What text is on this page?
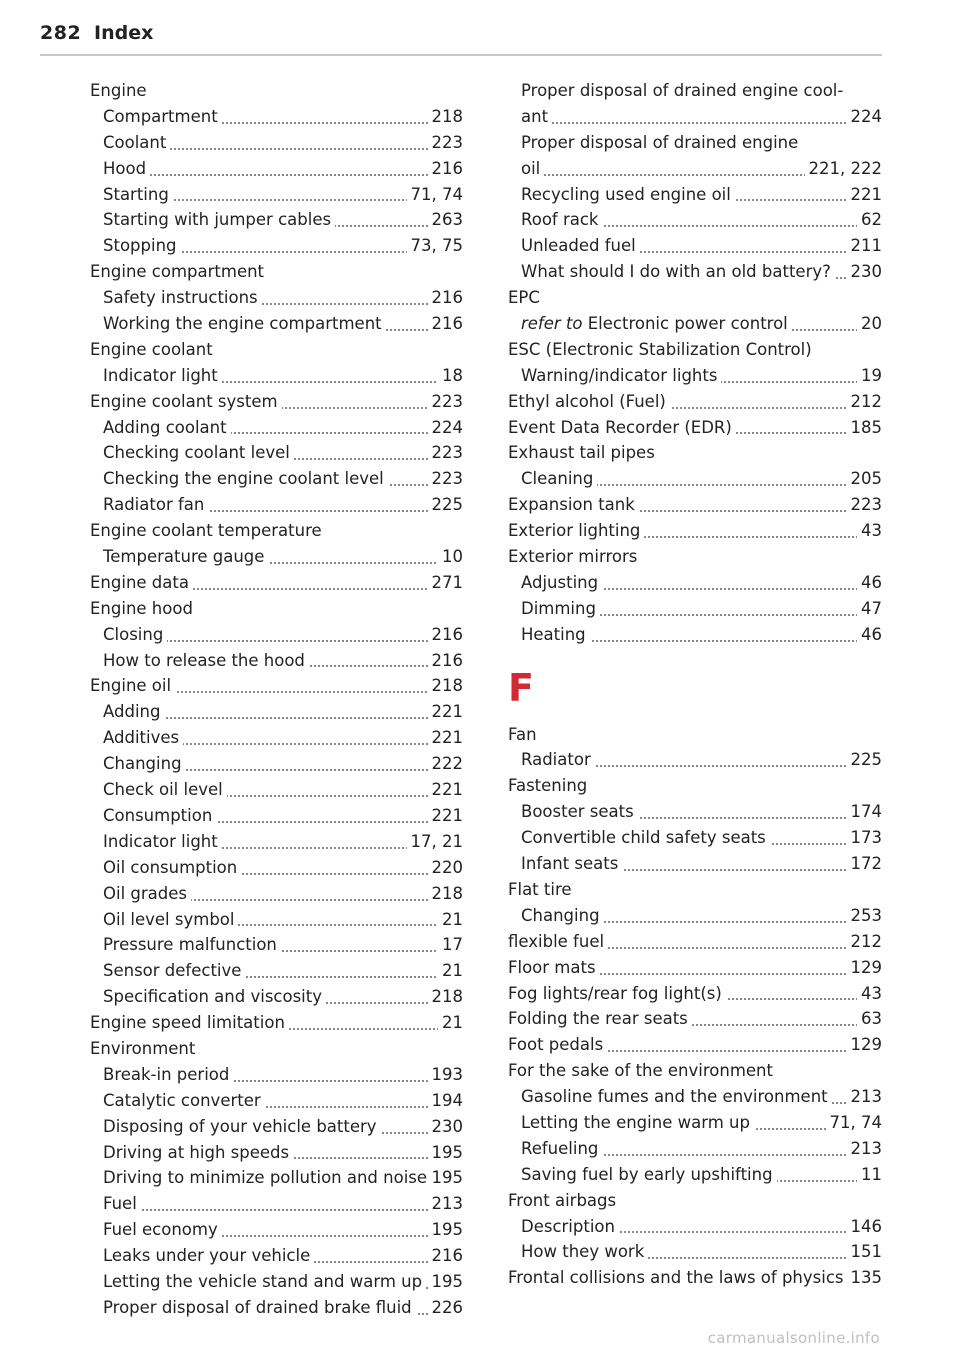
282 Index
Engine
Compartment	218
Coolant	223
Hood	216
Starting	71, 74
Starting with jumper cables	263
Stopping	73, 75
Engine compartment
Safety instructions	216
Working the engine compartment	216
Engine coolant
Indicator light	18
Engine coolant system	223
Adding coolant	224
Checking coolant level	223
Checking the engine coolant level	223
Radiator fan	225
Engine coolant temperature
Temperature gauge	10
Engine data	271
Engine hood
Closing	216
How to release the hood	216
Engine oil	218
Adding	221
Additives	221
Changing	222
Check oil level	221
Consumption	221
Indicator light	17, 21
Oil consumption	220
Oil grades	218
Oil level symbol	21
Pressure malfunction	17
Sensor defective	21
Specification and viscosity	218
Engine speed limitation	21
Environment
Break-in period	193
Catalytic converter	194
Disposing of your vehicle battery	230
Driving at high speeds	195
Driving to minimize pollution and noise 195
Fuel	213
Fuel economy	195
Leaks under your vehicle	216
Letting the vehicle stand and warm up 195
Proper disposal of drained brake fluid 226
Proper disposal of drained engine cool-
ant	224
Proper disposal of drained engine
oil	221, 222
Recycling used engine oil	221
Roof rack	62
Unleaded fuel	211
What should I do with an old battery? 230
EPC
refer to Electronic power control	20
ESC (Electronic Stabilization Control)
Warning/indicator lights	19
Ethyl alcohol (Fuel)	212
Event Data Recorder (EDR)	185
Exhaust tail pipes
Cleaning	205
Expansion tank	223
Exterior lighting	43
Exterior mirrors
Adjusting	46
Dimming	47
Heating	46
F
Fan
Radiator	225
Fastening
Booster seats	174
Convertible child safety seats	173
Infant seats	172
Flat tire
Changing	253
flexible fuel	212
Floor mats	129
Fog lights/rear fog light(s)	43
Folding the rear seats	63
Foot pedals	129
For the sake of the environment
Gasoline fumes and the environment 213
Letting the engine warm up	71, 74
Refueling	213
Saving fuel by early upshifting	11
Front airbags
Description	146
How they work	151
Frontal collisions and the laws of physics 135
carmanualsonline.info
